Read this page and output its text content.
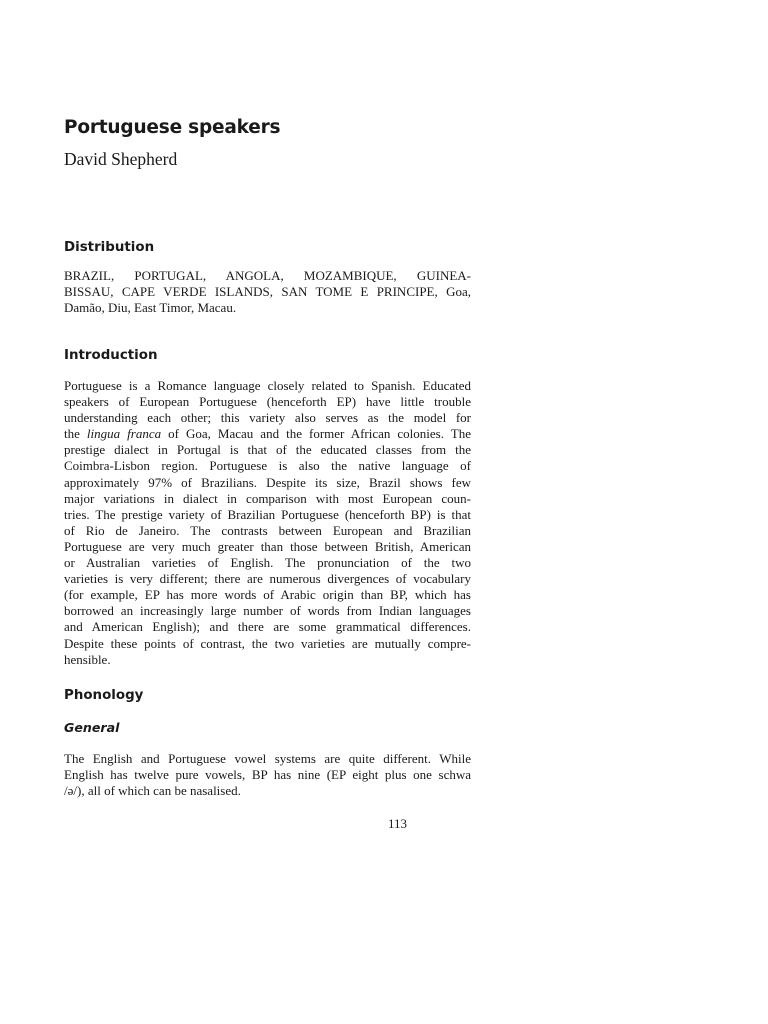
Portuguese speakers
David Shepherd
Distribution
BRAZIL, PORTUGAL, ANGOLA, MOZAMBIQUE, GUINEA-
BISSAU, CAPE VERDE ISLANDS, SAN TOME E PRINCIPE, Goa,
Damão, Diu, East Timor, Macau.
Introduction
Portuguese is a Romance language closely related to Spanish. Educated
speakers of European Portuguese (henceforth EP) have little trouble
understanding each other; this variety also serves as the model for
the lingua franca of Goa, Macau and the former African colonies. The
prestige dialect in Portugal is that of the educated classes from the
Coimbra-Lisbon region. Portuguese is also the native language of
approximately 97% of Brazilians. Despite its size, Brazil shows few
major variations in dialect in comparison with most European coun-
tries. The prestige variety of Brazilian Portuguese (henceforth BP) is that
of Rio de Janeiro. The contrasts between European and Brazilian
Portuguese are very much greater than those between British, American
or Australian varieties of English. The pronunciation of the two
varieties is very different; there are numerous divergences of vocabulary
(for example, EP has more words of Arabic origin than BP, which has
borrowed an increasingly large number of words from Indian languages
and American English); and there are some grammatical differences.
Despite these points of contrast, the two varieties are mutually compre-
hensible.
Phonology
General
The English and Portuguese vowel systems are quite different. While
English has twelve pure vowels, BP has nine (EP eight plus one schwa
/ə/), all of which can be nasalised.
113
